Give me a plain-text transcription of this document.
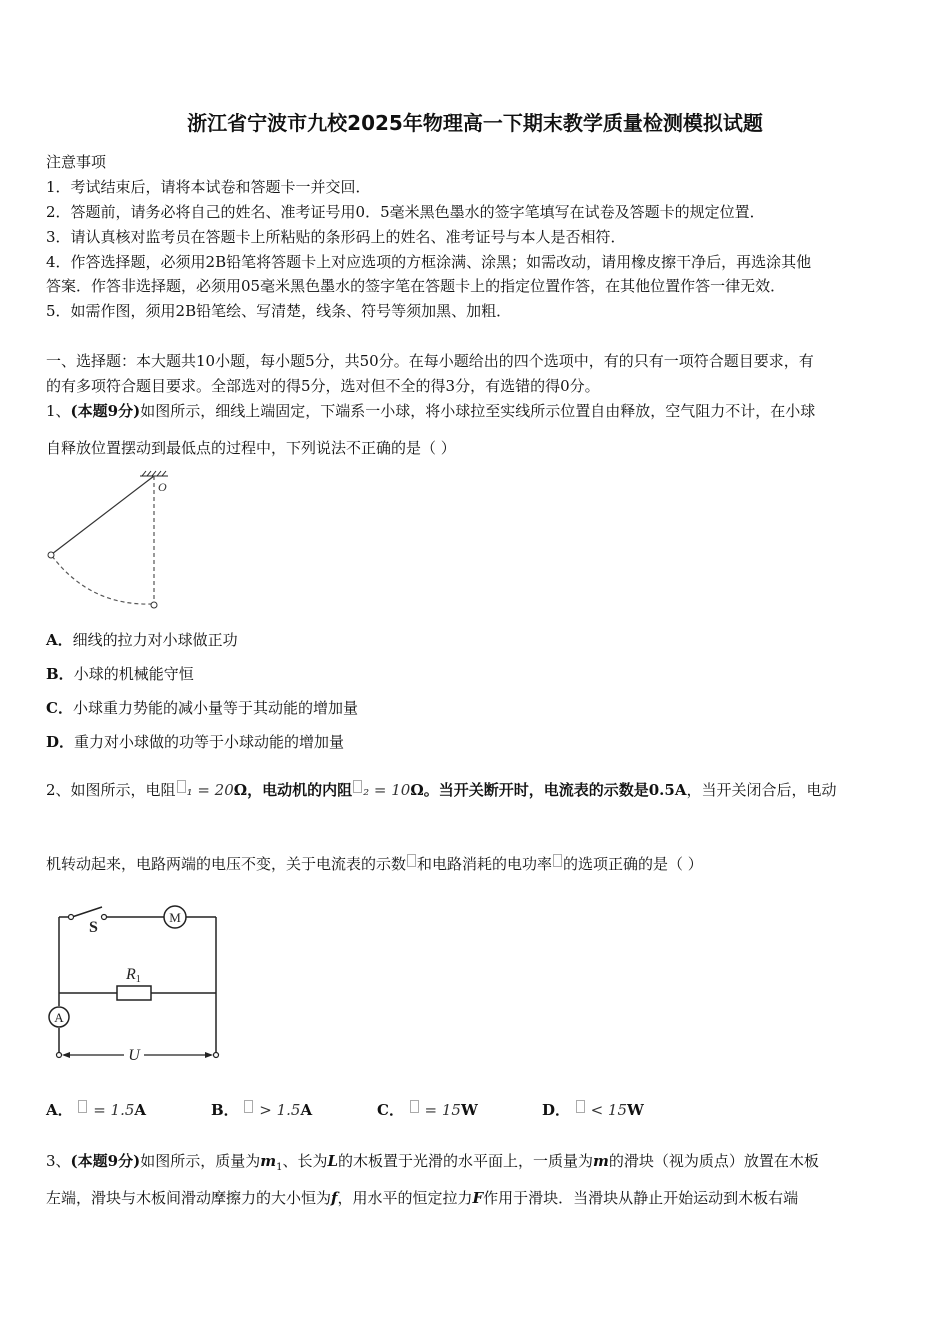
浙江省宁波市九校2025年物理高一下期末教学质量检测模拟试题
注意事项
1．考试结束后，请将本试卷和答题卡一并交回．
2．答题前，请务必将自己的姓名、准考证号用0．5毫米黑色墨水的签字笔填写在试卷及答题卡的规定位置．
3．请认真核对监考员在答题卡上所粘贴的条形码上的姓名、准考证号与本人是否相符．
4．作答选择题，必须用2B铅笔将答题卡上对应选项的方框涂满、涂黑；如需改动，请用橡皮擦干净后，再选涂其他
答案．作答非选择题，必须用05毫米黑色墨水的签字笔在答题卡上的指定位置作答，在其他位置作答一律无效．
5．如需作图，须用2B铅笔绘、写清楚，线条、符号等须加黑、加粗．
一、选择题：本大题共10小题，每小题5分，共50分。在每小题给出的四个选项中，有的只有一项符合题目要求，有
的有多项符合题目要求。全部选对的得5分，选对但不全的得3分，有选错的得0分。
1、(本题9分)如图所示，细线上端固定，下端系一小球，将小球拉至实线所示位置自由释放，空气阻力不计，在小球
自释放位置摆动到最低点的过程中，下列说法不正确的是（ ）
O
A．细线的拉力对小球做正功
B．小球的机械能守恒
C．小球重力势能的减小量等于其动能的增加量
D．重力对小球做的功等于小球动能的增加量
2、如图所示，电阻 ₁ = 20Ω，电动机的内阻 ₂ = 10Ω。当开关断开时，电流表的示数是0.5A，当开关闭合后，电动
机转动起来，电路两端的电压不变，关于电流表的示数 和电路消耗的电功率 的选项正确的是（ ）
S
M
R1
A
U
A．  = 1.5A	B．  > 1.5A	C．  = 15W	D．  < 15W
3、(本题9分)如图所示，质量为$m_1$、长为L的木板置于光滑的水平面上，一质量为m的滑块（视为质点）放置在木板
左端，滑块与木板间滑动摩擦力的大小恒为f，用水平的恒定拉力F作用于滑块．当滑块从静止开始运动到木板右端
